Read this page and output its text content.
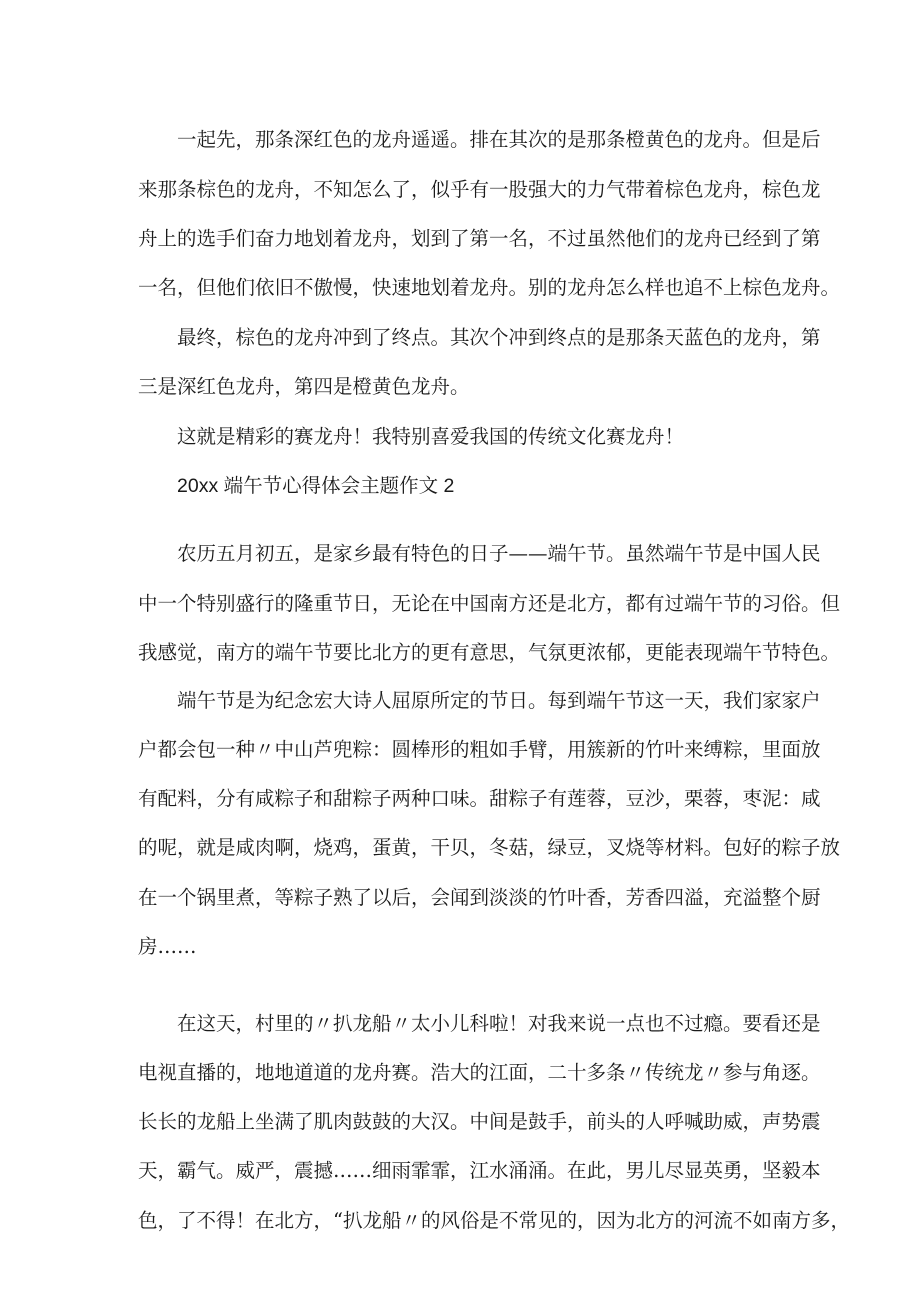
一起先，那条深红色的龙舟遥遥。排在其次的是那条橙黄色的龙舟。但是后
来那条棕色的龙舟，不知怎么了，似乎有一股强大的力气带着棕色龙舟，棕色龙
舟上的选手们奋力地划着龙舟，划到了第一名，不过虽然他们的龙舟已经到了第
一名，但他们依旧不傲慢，快速地划着龙舟。别的龙舟怎么样也追不上棕色龙舟。
最终，棕色的龙舟冲到了终点。其次个冲到终点的是那条天蓝色的龙舟，第
三是深红色龙舟，第四是橙黄色龙舟。
这就是精彩的赛龙舟！我特别喜爱我国的传统文化赛龙舟！
20xx 端午节心得体会主题作文 2
农历五月初五，是家乡最有特色的日子——端午节。虽然端午节是中国人民
中一个特别盛行的隆重节日，无论在中国南方还是北方，都有过端午节的习俗。但
我感觉，南方的端午节要比北方的更有意思，气氛更浓郁，更能表现端午节特色。
端午节是为纪念宏大诗人屈原所定的节日。每到端午节这一天，我们家家户
户都会包一种〃中山芦兜粽：圆棒形的粗如手臂，用簇新的竹叶来缚粽，里面放
有配料，分有咸粽子和甜粽子两种口味。甜粽子有莲蓉，豆沙，栗蓉，枣泥：咸
的呢，就是咸肉啊，烧鸡，蛋黄，干贝，冬菇，绿豆，叉烧等材料。包好的粽子放
在一个锅里煮，等粽子熟了以后，会闻到淡淡的竹叶香，芳香四溢，充溢整个厨
房……
在这天，村里的〃扒龙船〃太小儿科啦！对我来说一点也不过瘾。要看还是
电视直播的，地地道道的龙舟赛。浩大的江面，二十多条〃传统龙〃参与角逐。
长长的龙船上坐满了肌肉鼓鼓的大汉。中间是鼓手，前头的人呼喊助威，声势震
天，霸气。威严，震撼……细雨霏霏，江水涌涌。在此，男儿尽显英勇，坚毅本
色，了不得！在北方，“扒龙船〃的风俗是不常见的，因为北方的河流不如南方多，
